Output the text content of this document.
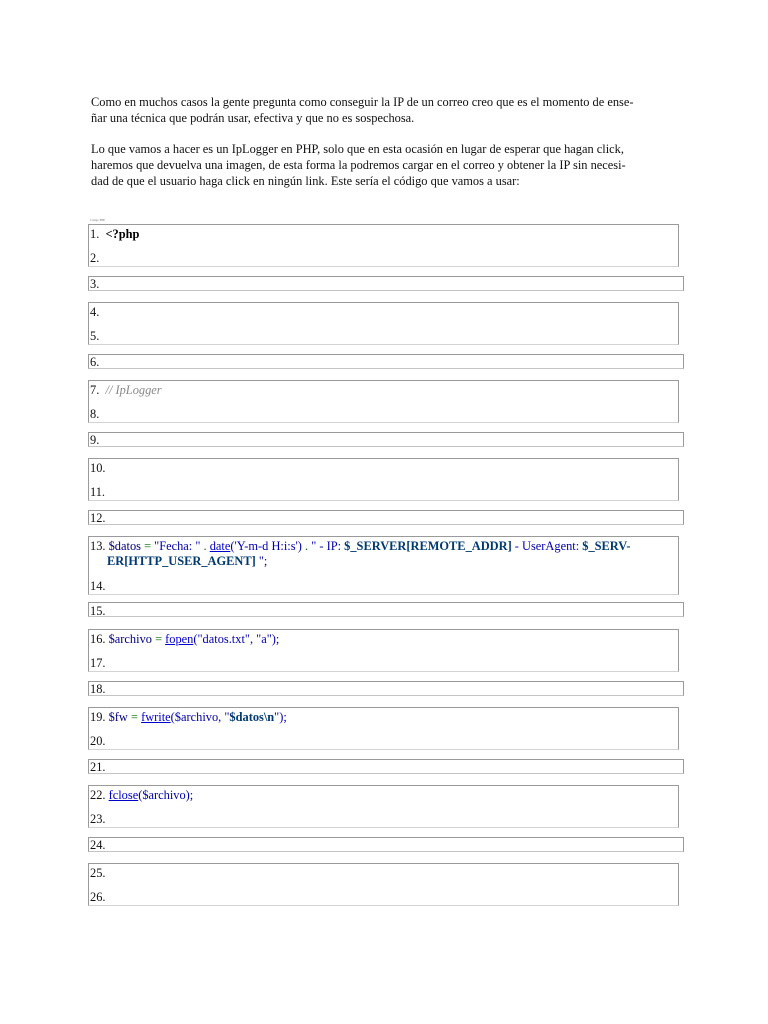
Como en muchos casos la gente pregunta como conseguir la IP de un correo creo que es el momento de ense-
ñar una técnica que podrán usar, efectiva y que no es sospechosa.
Lo que vamos a hacer es un IpLogger en PHP, solo que en esta ocasión en lugar de esperar que hagan click,
haremos que devuelva una imagen, de esta forma la podremos cargar en el correo y obtener la IP sin necesi-
dad de que el usuario haga click en ningún link. Este sería el código que vamos a usar:
Código PHP
1. <?php
2.
3.
4.
5.
6.
7. // IpLogger
8.
9.
10.
11.
12.
13. $datos = "Fecha: " . date('Y-m-d H:i:s') . " - IP: $_SERVER[REMOTE_ADDR] - UserAgent: $_SERV-
ER[HTTP_USER_AGENT] ";
14.
15.
16. $archivo = fopen("datos.txt", "a");
17.
18.
19. $fw = fwrite($archivo, "$datos\n");
20.
21.
22. fclose($archivo);
23.
24.
25.
26.
